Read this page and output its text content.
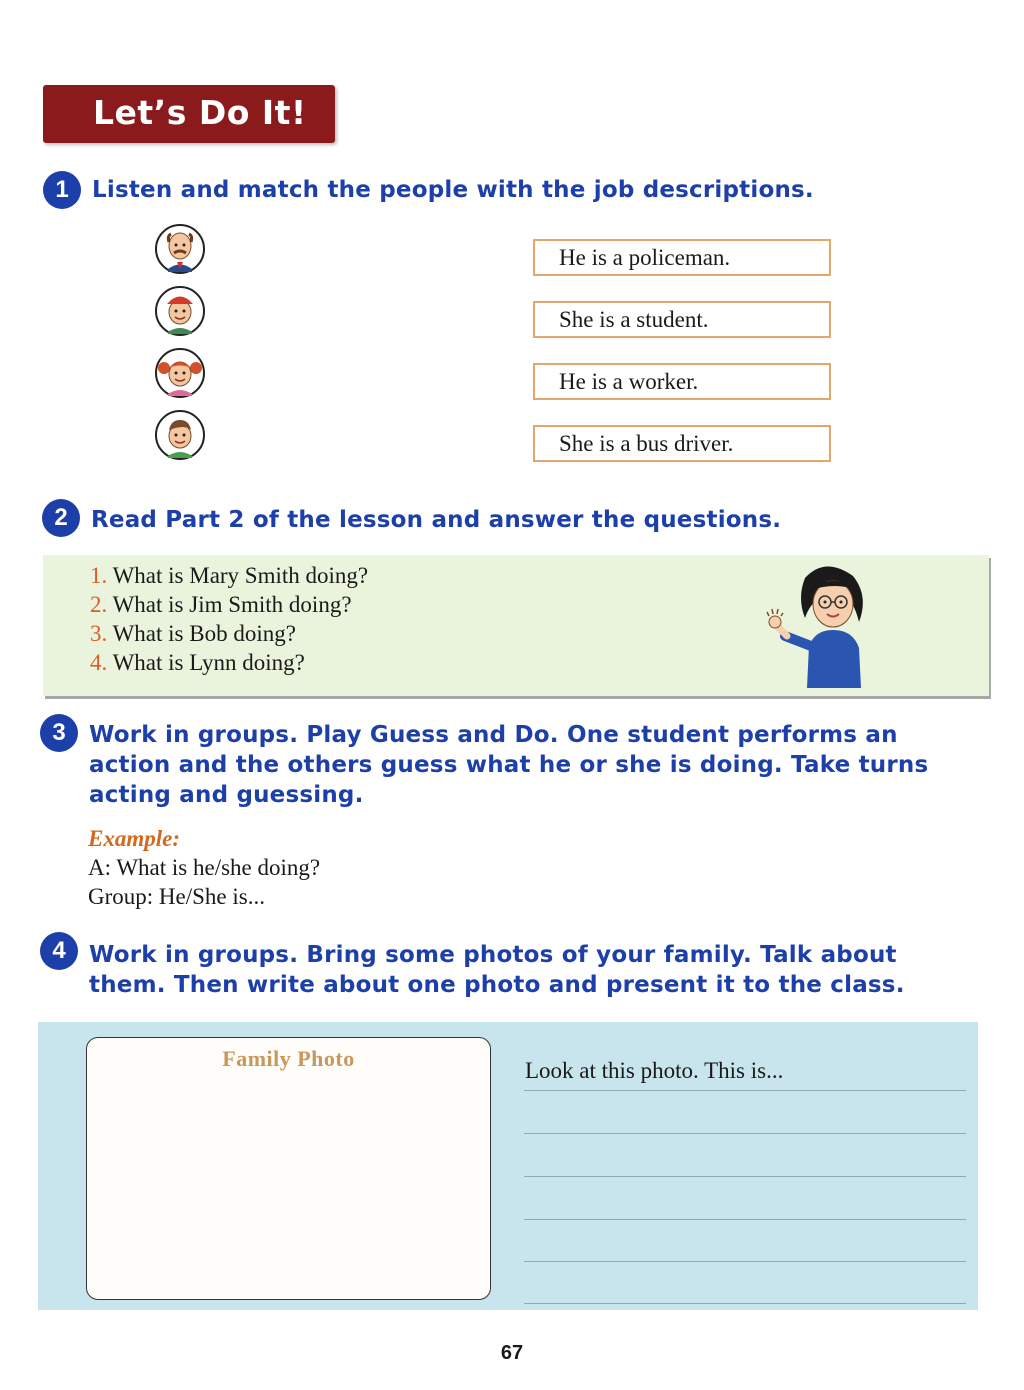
Let’s Do It!
1	Listen and match the people with the job descriptions.
He is a policeman.
She is a student.
He is a worker.
She is a bus driver.
2	Read Part 2 of the lesson and answer the questions.
1. What is Mary Smith doing?
2. What is Jim Smith doing?
3. What is Bob doing?
4. What is Lynn doing?
3	Work in groups. Play Guess and Do. One student performs an action and the others guess what he or she is doing. Take turns acting and guessing.
Example:
A: What is he/she doing?
Group: He/She is...
4	Work in groups. Bring some photos of your family. Talk about them. Then write about one photo and present it to the class.
Family Photo	Look at this photo. This is...
67
